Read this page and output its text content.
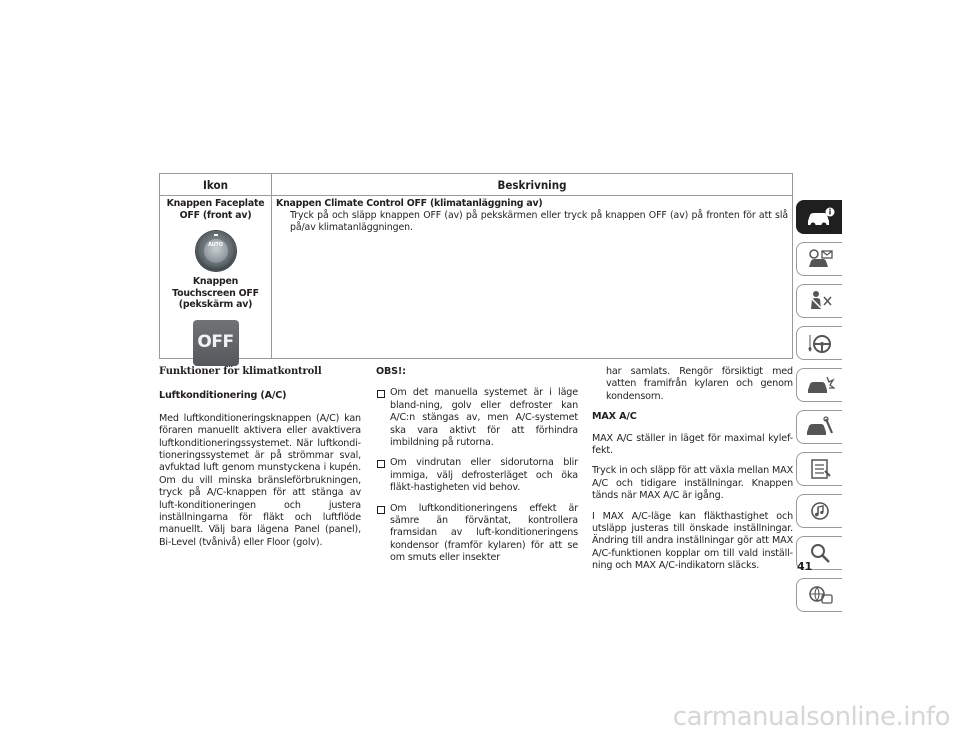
Ikon	Beskrivning
Knappen Faceplate OFF (front av)
AUTO
Knappen Touchscreen OFF (pekskärm av)
OFF
Knappen Climate Control OFF (klimatanläggning av)
Tryck på och släpp knappen OFF (av) på pekskärmen eller tryck på knappen OFF (av) på fronten för att slå på/av klimatanläggningen.

Funktioner för klimatkontroll

Luftkonditionering (A/C)

Med luftkonditioneringsknappen (A/C) kan föraren manuellt aktivera eller avaktivera luftkonditioneringssystemet. När luftkondi-tioneringssystemet är på strömmar sval, avfuktad luft genom munstyckena i kupén. Om du vill minska bränsleförbrukningen, tryck på A/C-knappen för att stänga av luft-konditioneringen och justera inställningarna för fläkt och luftflöde manuellt. Välj bara lägena Panel (panel), Bi-Level (tvånivå) eller Floor (golv).

OBS!:

Om det manuella systemet är i läge bland-ning, golv eller defroster kan A/C:n stängas av, men A/C-systemet ska vara aktivt för att förhindra imbildning på rutorna.
Om vindrutan eller sidorutorna blir immiga, välj defrosterläget och öka fläkt-hastigheten vid behov.
Om luftkonditioneringens effekt är sämre än förväntat, kontrollera framsidan av luft-konditioneringens kondensor (framför kylaren) för att se om smuts eller insekter

har samlats. Rengör försiktigt med vatten framifrån kylaren och genom kondensorn.

MAX A/C

MAX A/C ställer in läget för maximal kylef-fekt.

Tryck in och släpp för att växla mellan MAX A/C och tidigare inställningar. Knappen tänds när MAX A/C är igång.

I MAX A/C-läge kan fläkthastighet och utsläpp justeras till önskade inställningar. Ändring till andra inställningar gör att MAX A/C-funktionen kopplar om till vald inställ-ning och MAX A/C-indikatorn släcks.	41
carmanualsonline.info
